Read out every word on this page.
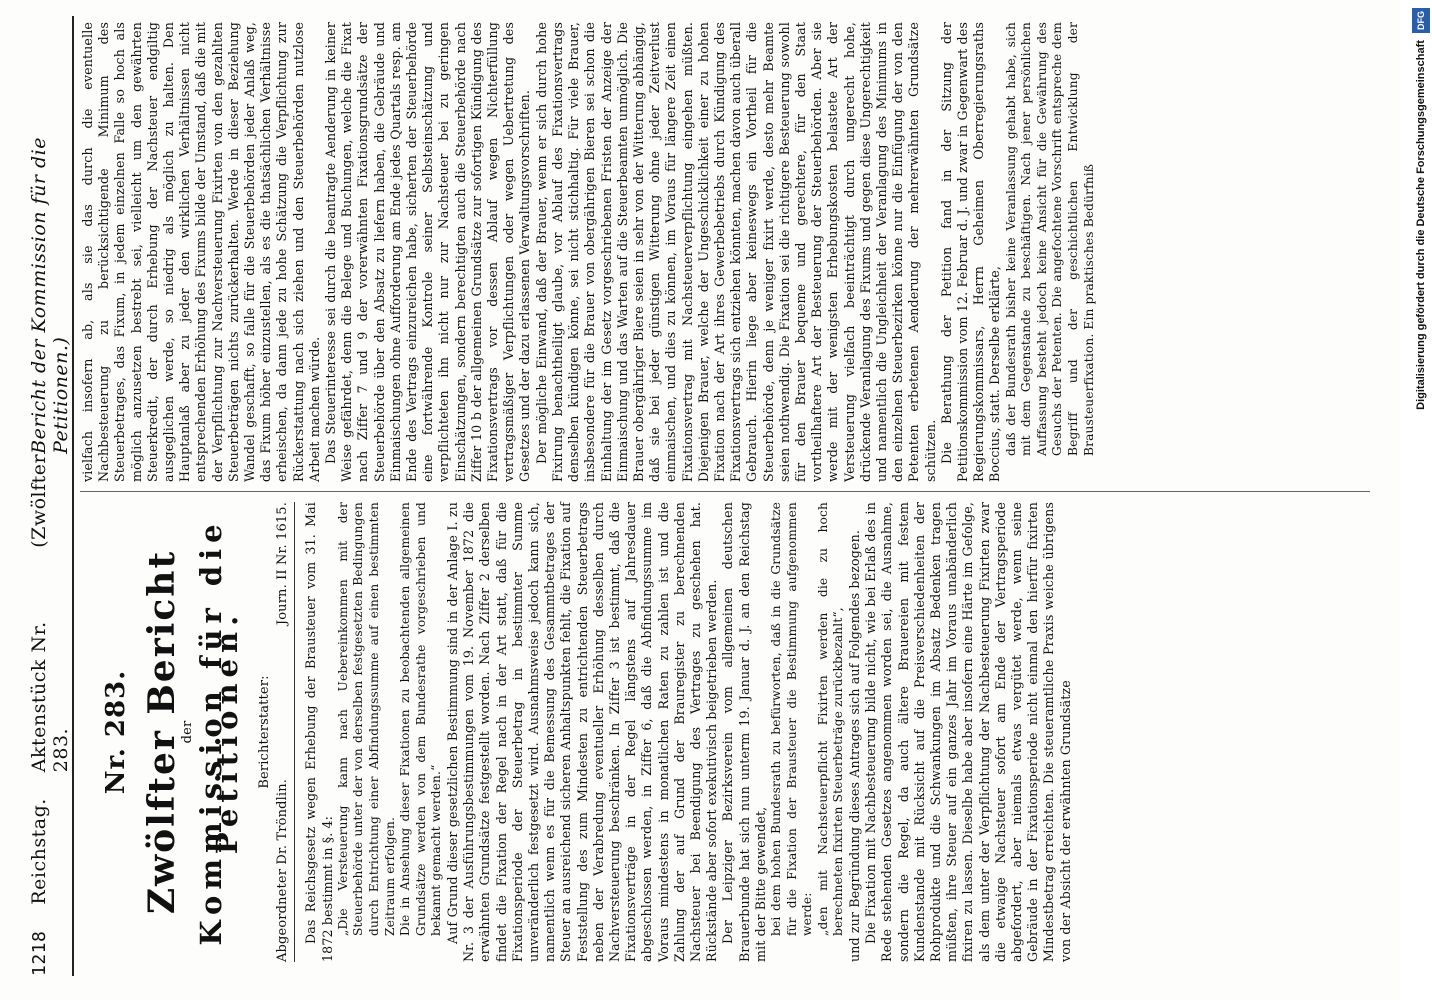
1218
Reichstag.
Aktenstück Nr. 283.
(Zwölfter
Bericht der Kommission für die Petitionen.)
Nr. 283. Zwölfter Bericht
der
Kommission für die Petitionen. Berichterstatter:
Abgeordneter Dr. Tröndlin.
Journ. II Nr. 1615. Das Reichsgesetz wegen Erhebung der Brausteuer vom 31. Mai 1872 bestimmt in §. 4: „Die Versteuerung kann nach Uebereinkommen mit der Steuerbehörde unter der von derselben festgesetzten Bedingungen durch Entrichtung einer Abfindungssumme auf einen bestimmten Zeitraum erfolgen. Die in Ansehung dieser Fixationen zu beobachtenden allgemeinen Grundsätze werden von dem Bundesrathe vorgeschrieben und bekannt gemacht werden.“ Auf Grund dieser gesetzlichen Bestimmung sind in der Anlage I. zu Nr. 3 der Ausführungsbestimmungen vom 19. November 1872 die erwähnten Grundsätze festgestellt worden. Nach Ziffer 2 derselben findet die Fixation der Regel nach in der Art statt, daß für die Fixationsperiode der Steuerbetrag in bestimmter Summe unveränderlich festgesetzt wird. Ausnahmsweise jedoch kann sich, namentlich wenn es für die Bemessung des Gesammtbetrages der Steuer an ausreichend sicheren Anhaltspunkten fehlt, die Fixation auf Feststellung des zum Mindesten zu entrichtenden Steuerbetrags neben der Verabredung eventueller Erhöhung desselben durch Nachversteuerung beschränken. In Ziffer 3 ist bestimmt, daß die Fixationsverträge in der Regel längstens auf Jahresdauer abgeschlossen werden, in Ziffer 6, daß die Abfindungssumme im Voraus mindestens in monatlichen Raten zu zahlen ist und die Zahlung der auf Grund der Brauregister zu berechnenden Nachsteuer bei Beendigung des Vertrages zu geschehen hat. Rückstände aber sofort exekutivisch beigetrieben werden. Der Leipziger Bezirksverein vom allgemeinen deutschen Brauerbunde hat sich nun unterm 19. Januar d. J. an den Reichstag mit der Bitte gewendet, bei dem hohen Bundesrath zu befürworten, daß in die Grundsätze für die Fixation der Brausteuer die Bestimmung aufgenommen werde: „den mit Nachsteuerpflicht Fixirten werden die zu hoch berechneten fixirten Steuerbeträge zurückbezahlt“, und zur Begründung dieses Antrages sich auf Folgendes bezogen. Die Fixation mit Nachbesteuerung bilde nicht, wie bei Erlaß des in Rede stehenden Gesetzes angenommen worden sei, die Ausnahme, sondern die Regel, da auch ältere Brauereien mit festem Kundenstande mit Rücksicht auf die Preisverschiedenheiten der Rohprodukte und die Schwankungen im Absatz Bedenken tragen müßten, ihre Steuer auf ein ganzes Jahr im Voraus unabänderlich fixiren zu lassen. Dieselbe habe aber insofern eine Härte im Gefolge, als dem unter der Verpflichtung der Nachbesteuerung Fixirten zwar die etwaige Nachsteuer sofort am Ende der Vertragsperiode abgefordert, aber niemals etwas vergütet werde, wenn seine Gebräude in der Fixationsperiode nicht einmal den hierfür fixirten Mindestbetrag erreichten. Die steueramtliche Praxis weiche übrigens von der Absicht der erwähnten Grundsätze

vielfach insofern ab, als sie das durch die eventuelle Nachbesteuerung zu berücksichtigende Minimum des Steuerbetrages, das Fixum, in jedem einzelnen Falle so hoch als möglich anzusetzen bestrebt sei, vielleicht um den gewährten Steuerkredit, der durch Erhebung der Nachsteuer endgiltig ausgeglichen werde, so niedrig als möglich zu halten. Den Hauptanlaß aber zu jeder den wirklichen Verhältnissen nicht entsprechenden Erhöhung des Fixums bilde der Umstand, daß die mit der Verpflichtung zur Nachversteuerung Fixirten von den gezahlten Steuerbeträgen nichts zurückerhalten. Werde in dieser Beziehung Wandel geschafft, so falle für die Steuerbehörden jeder Anlaß weg, das Fixum höher einzustellen, als es die thatsächlichen Verhältnisse erheischen, da dann jede zu hohe Schätzung die Verpflichtung zur Rückerstattung nach sich ziehen und den Steuerbehörden nutzlose Arbeit machen würde. Das Steuerinteresse sei durch die beantragte Aenderung in keiner Weise gefährdet, denn die Belege und Buchungen, welche die Fixat nach Ziffer 7 und 9 der vorerwähnten Fixationsgrundsätze der Steuerbehörde über den Absatz zu liefern haben, die Gebräude und Einmaischungen ohne Aufforderung am Ende jedes Quartals resp. am Ende des Vertrags einzureichen habe, sicherten der Steuerbehörde eine fortwährende Kontrole seiner Selbsteinschätzung und verpflichteten ihn nicht nur zur Nachsteuer bei zu geringen Einschätzungen, sondern berechtigten auch die Steuerbehörde nach Ziffer 10 b der allgemeinen Grundsätze zur sofortigen Kündigung des Fixationsvertrags vor dessen Ablauf wegen Nichterfüllung vertragsmäßiger Verpflichtungen oder wegen Uebertretung des Gesetzes und der dazu erlassenen Verwaltungsvorschriften. Der mögliche Einwand, daß der Brauer, wenn er sich durch hohe Fixirung benachtheiligt glaube, vor Ablauf des Fixationsvertrags denselben kündigen könne, sei nicht stichhaltig. Für viele Brauer, insbesondere für die Brauer von obergährigen Bieren sei schon die Einhaltung der im Gesetz vorgeschriebenen Fristen der Anzeige der Einmaischung und das Warten auf die Steuerbeamten unmöglich. Die Brauer obergähriger Biere seien in sehr von der Witterung abhängig, daß sie bei jeder günstigen Witterung ohne jeder Zeitverlust einmaischen, und dies zu können, im Voraus für längere Zeit einen Fixationsvertrag mit Nachsteuerverpflichtung eingehen müßten. Diejenigen Brauer, welche der Ungeschicklichkeit einer zu hohen Fixation nach der Art ihres Gewerbebetriebs durch Kündigung des Fixationsvertrags sich entziehen könnten, machen davon auch überall Gebrauch. Hierin liege aber keineswegs ein Vortheil für die Steuerbehörde, denn je weniger fixirt werde, desto mehr Beamte seien nothwendig. Die Fixation sei die richtigere Besteuerung sowohl für den Brauer bequeme und gerechtere, für den Staat vortheilhaftere Art der Besteuerung der Steuerbehörden. Aber sie werde mit der wenigsten Erhebungskosten belastete Art der Versteuerung vielfach beeinträchtigt durch ungerecht hohe, drückende Veranlagung des Fixums und gegen diese Ungerechtigkeit und namentlich die Ungleichheit der Veranlagung des Minimums in den einzelnen Steuerbezirken könne nur die Einfügung der von den Petenten erbetenen Aenderung der mehrerwähnten Grundsätze schützen. Die Berathung der Petition fand in der Sitzung der Petitionskommission vom 12. Februar d. J. und zwar in Gegenwart des Regierungskommissars, Herrn Geheimen Oberregierungsraths Boccius, statt. Derselbe erklärte, daß der Bundesrath bisher keine Veranlassung gehabt habe, sich mit dem Gegenstande zu beschäftigen. Nach jener persönlichen Auffassung besteht jedoch keine Ansicht für die Gewährung des Gesuchs der Petenten. Die angefochtene Vorschrift entspreche dem Begriff und der geschichtlichen Entwicklung der Brausteuerfixation. Ein praktisches Bedürfniß	Digitalisierung gefördert durch die Deutsche Forschungsgemeinschaft DFG
